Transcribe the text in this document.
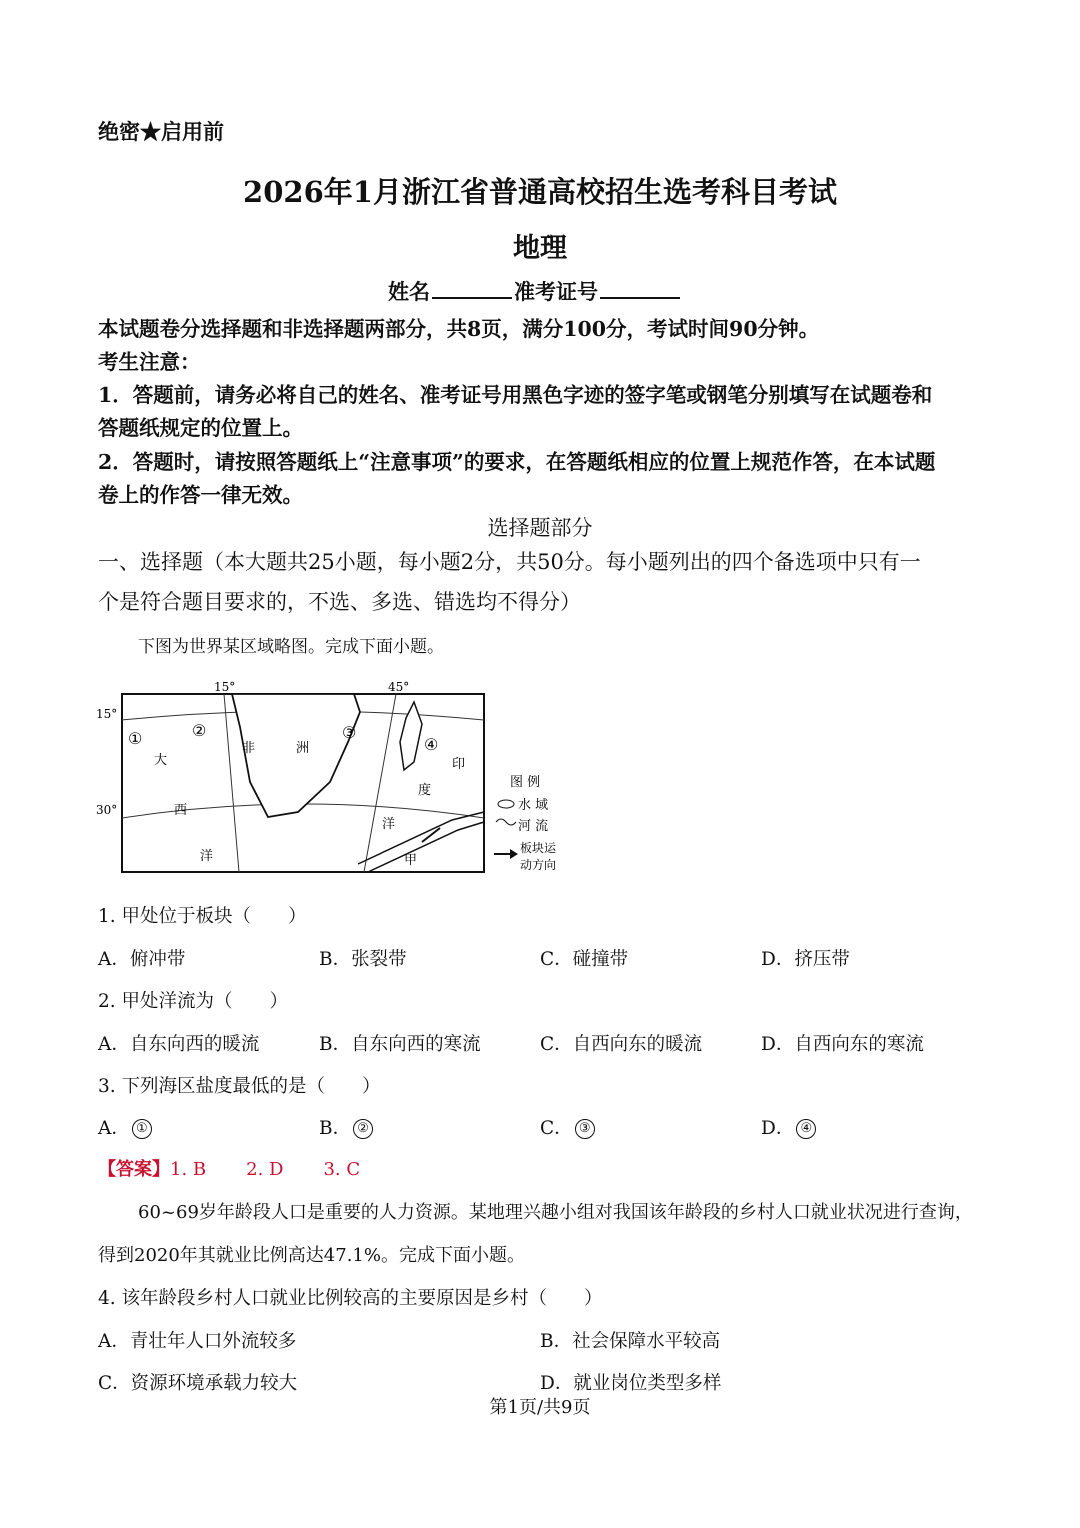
绝密★启用前
2026年1月浙江省普通高校招生选考科目考试
地理
姓名	准考证号
本试题卷分选择题和非选择题两部分，共8页，满分100分，考试时间90分钟。
考生注意：
1．答题前，请务必将自己的姓名、准考证号用黑色字迹的签字笔或钢笔分别填写在试题卷和
答题纸规定的位置上。
2．答题时，请按照答题纸上“注意事项”的要求，在答题纸相应的位置上规范作答，在本试题
卷上的作答一律无效。
选择题部分
一、选择题（本大题共25小题，每小题2分，共50分。每小题列出的四个备选项中只有一
个是符合题目要求的，不选、多选、错选均不得分）
下图为世界某区域略图。完成下面小题。
15°	45°
15°
30°
①	②	③
④
大
西
洋
非	洲
印
度
洋
甲
图 例
水 域
河 流
板块运
动方向
1. 甲处位于板块（　　）
A．俯冲带	B．张裂带	C．碰撞带	D．挤压带
2. 甲处洋流为（　　）
A．自东向西的暖流	B．自东向西的寒流	C．自西向东的暖流	D．自西向东的寒流
3. 下列海区盐度最低的是（　　）
A． ①	B． ②	C． ③	D． ④
【答案】1. B 2. D 3. C
60~69岁年龄段人口是重要的人力资源。某地理兴趣小组对我国该年龄段的乡村人口就业状况进行查询，
得到2020年其就业比例高达47.1%。完成下面小题。
4. 该年龄段乡村人口就业比例较高的主要原因是乡村（　　）
A．青壮年人口外流较多	B．社会保障水平较高
C．资源环境承载力较大	D．就业岗位类型多样
第1页/共9页
